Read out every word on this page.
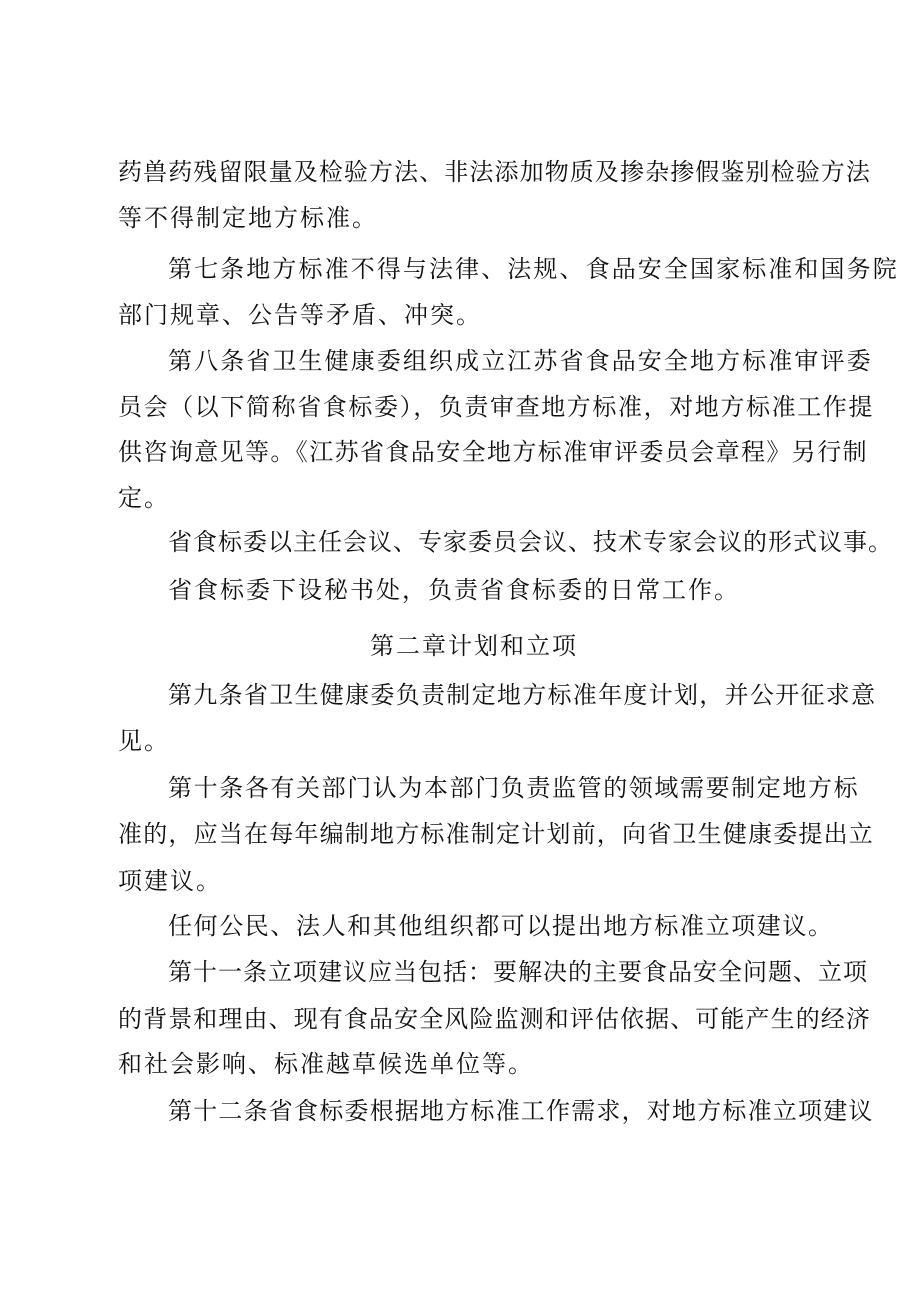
药兽药残留限量及检验方法、非法添加物质及掺杂掺假鉴别检验方法
等不得制定地方标准。
第七条地方标准不得与法律、法规、食品安全国家标准和国务院
部门规章、公告等矛盾、冲突。
第八条省卫生健康委组织成立江苏省食品安全地方标准审评委
员会（以下简称省食标委），负责审查地方标准，对地方标准工作提
供咨询意见等。《江苏省食品安全地方标准审评委员会章程》另行制
定。
省食标委以主任会议、专家委员会议、技术专家会议的形式议事。
省食标委下设秘书处，负责省食标委的日常工作。
第二章计划和立项
第九条省卫生健康委负责制定地方标准年度计划，并公开征求意
见。
第十条各有关部门认为本部门负责监管的领域需要制定地方标
准的，应当在每年编制地方标准制定计划前，向省卫生健康委提出立
项建议。
任何公民、法人和其他组织都可以提出地方标准立项建议。
第十一条立项建议应当包括：要解决的主要食品安全问题、立项
的背景和理由、现有食品安全风险监测和评估依据、可能产生的经济
和社会影响、标准越草候选单位等。
第十二条省食标委根据地方标准工作需求，对地方标准立项建议
